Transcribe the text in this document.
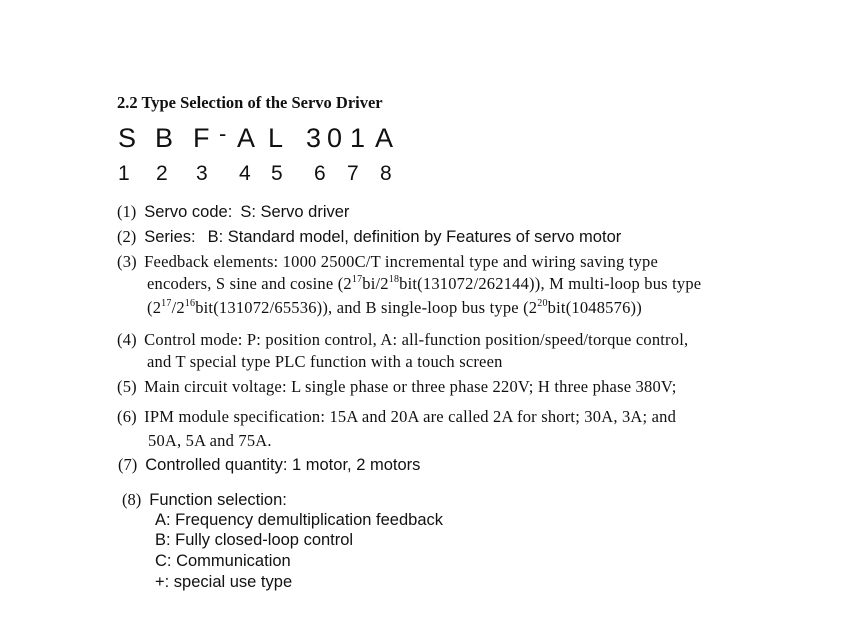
2.2 Type Selection of the Servo Driver
S B F - A L 3 0 1 A
1 2 3 4 5 6 7 8
(1) Servo code: S: Servo driver
(2) Series: B: Standard model, definition by Features of servo motor
(3) Feedback elements: 1000 2500C/T incremental type and wiring saving type
encoders, S sine and cosine $(2^{17}bi/2^{18}bit(131072/262144))$, M multi-loop bus type
$(2^{17}/2^{16}bit(131072/65536))$, and B single-loop bus type $(2^{20}bit(1048576))$
(4) Control mode: P: position control, A: all-function position/speed/torque control,
and T special type PLC function with a touch screen
(5) Main circuit voltage: L single phase or three phase 220V; H three phase 380V;
(6) IPM module specification: 15A and 20A are called 2A for short; 30A, 3A; and
50A, 5A and 75A.
(7) Controlled quantity: 1 motor, 2 motors
(8) Function selection:
A: Frequency demultiplication feedback
B: Fully closed-loop control
C: Communication
+: special use type
